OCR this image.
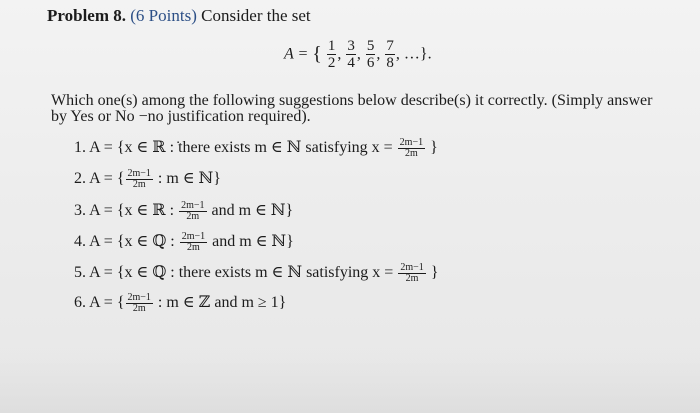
Problem 8. (6 Points) Consider the set
A = { $\frac{1}{2}$ , $\frac{3}{4}$ , $\frac{5}{6}$ , $\frac{7}{8}$ , …}.
Which one(s) among the following suggestions below describe(s) it correctly. (Simply answer
by Yes or No −no justification required).
1. A = {x ∈ ℝ : ̇there exists m ∈ ℕ satisfying $x = \frac{2m-1}{2m}$ }
2. A = { $\frac{2m-1}{2m}$ : m ∈ ℕ}
3. A = {x ∈ ℝ : $\frac{2m-1}{2m}$ and m ∈ ℕ}
4. A = {x ∈ ℚ : $\frac{2m-1}{2m}$ and m ∈ ℕ}
5. A = {x ∈ ℚ : there exists m ∈ ℕ satisfying $x = \frac{2m-1}{2m}$ }
6. A = { $\frac{2m-1}{2m}$ : m ∈ ℤ and m ≥ 1}
